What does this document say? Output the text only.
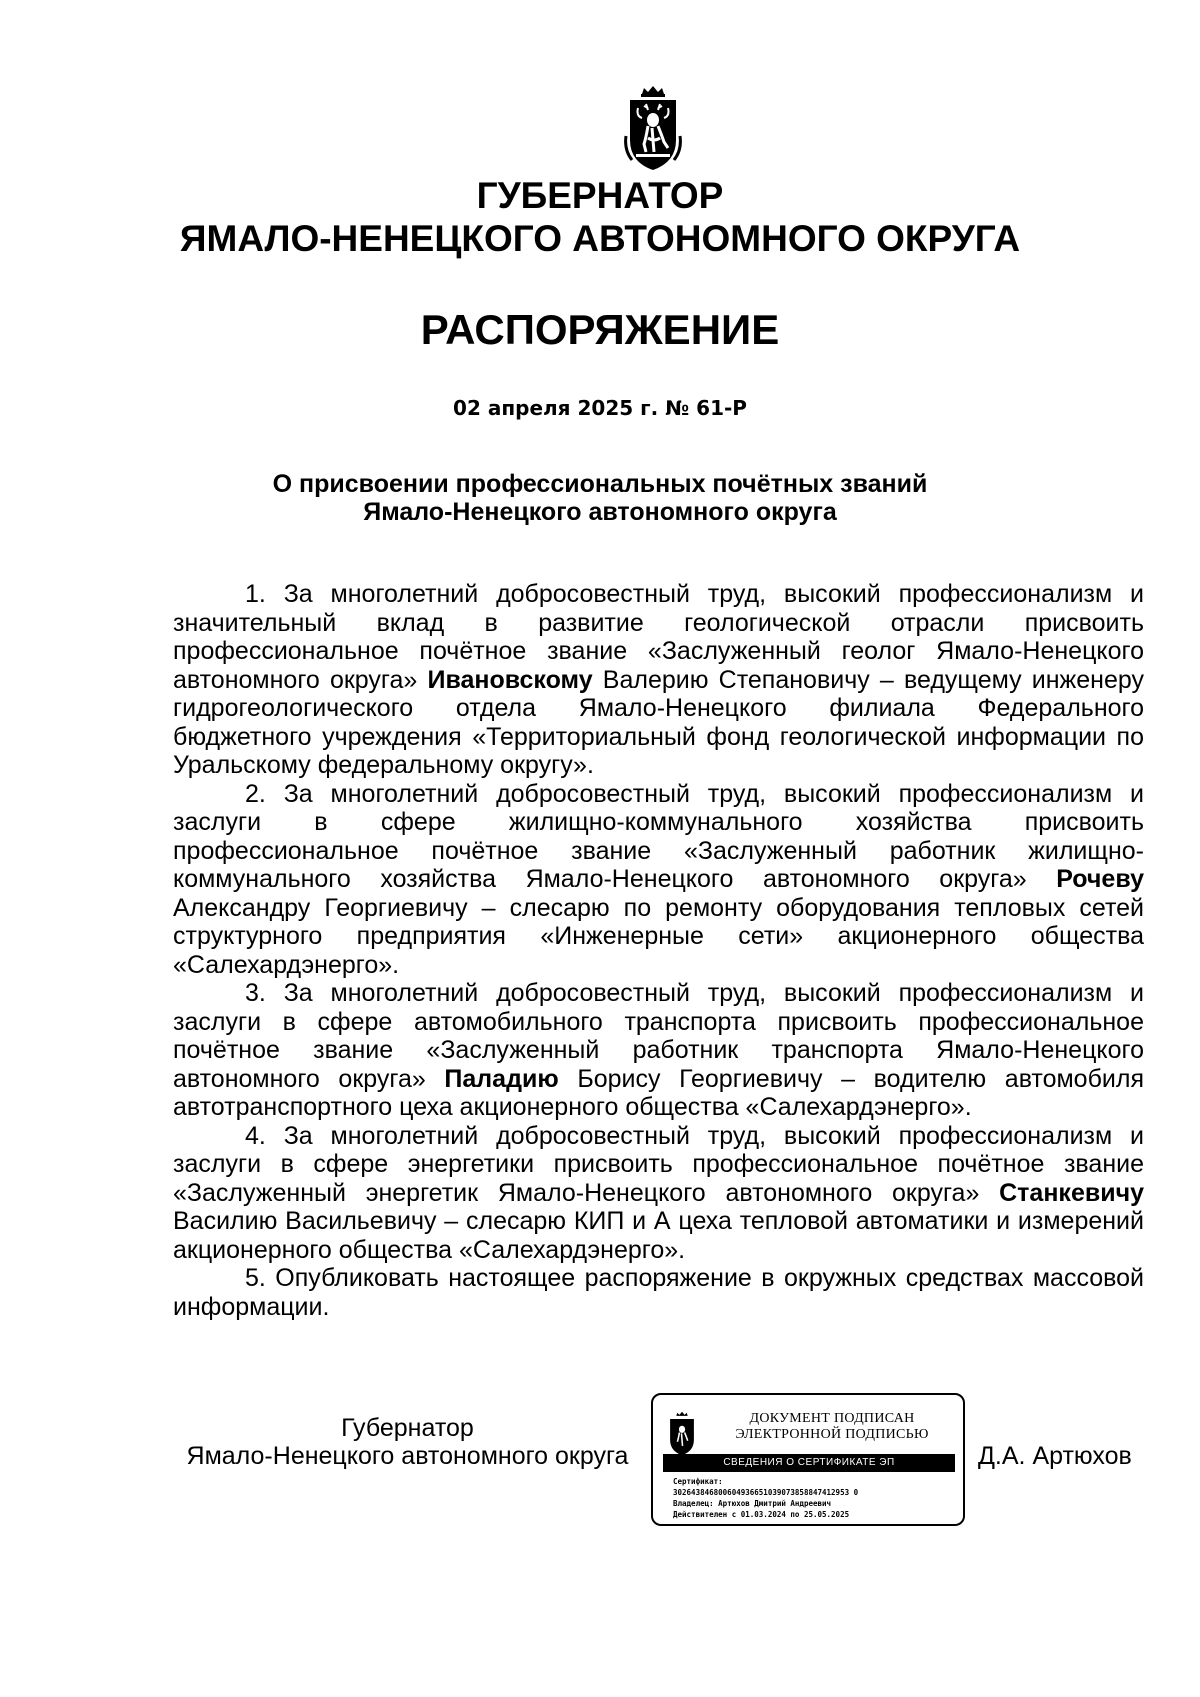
ГУБЕРНАТОР
ЯМАЛО-НЕНЕЦКОГО АВТОНОМНОГО ОКРУГА
РАСПОРЯЖЕНИЕ
02 апреля 2025 г. № 61-Р
О присвоении профессиональных почётных званий
Ямало-Ненецкого автономного округа

1. За многолетний добросовестный труд, высокий профессионализм и значительный вклад в развитие геологической отрасли присвоить профессиональное почётное звание «Заслуженный геолог Ямало-Ненецкого автономного округа» Ивановскому Валерию Степановичу – ведущему инженеру гидрогеологического отдела Ямало-Ненецкого филиала Федерального бюджетного учреждения «Территориальный фонд геологической информации по Уральскому федеральному округу».

2. За многолетний добросовестный труд, высокий профессионализм и заслуги в сфере жилищно-коммунального хозяйства присвоить профессиональное почётное звание «Заслуженный работник жилищно-коммунального хозяйства Ямало-Ненецкого автономного округа» Рочеву Александру Георгиевичу – слесарю по ремонту оборудования тепловых сетей структурного предприятия «Инженерные сети» акционерного общества «Салехардэнерго».

3. За многолетний добросовестный труд, высокий профессионализм и заслуги в сфере автомобильного транспорта присвоить профессиональное почётное звание «Заслуженный работник транспорта Ямало-Ненецкого автономного округа» Паладию Борису Георгиевичу – водителю автомобиля автотранспортного цеха акционерного общества «Салехардэнерго».

4. За многолетний добросовестный труд, высокий профессионализм и заслуги в сфере энергетики присвоить профессиональное почётное звание «Заслуженный энергетик Ямало-Ненецкого автономного округа» Станкевичу Василию Васильевичу – слесарю КИП и А цеха тепловой автоматики и измерений акционерного общества «Салехардэнерго».

5. Опубликовать настоящее распоряжение в окружных средствах массовой информации.

Губернатор
Ямало-Ненецкого автономного округа
ДОКУМЕНТ ПОДПИСАН
ЭЛЕКТРОННОЙ ПОДПИСЬЮ
СВЕДЕНИЯ О СЕРТИФИКАТЕ ЭП
Сертификат:
302643846800604936651039073858847412953 0
Владелец: Артюхов Дмитрий Андреевич
Действителен с 01.03.2024 по 25.05.2025
Д.А. Артюхов
